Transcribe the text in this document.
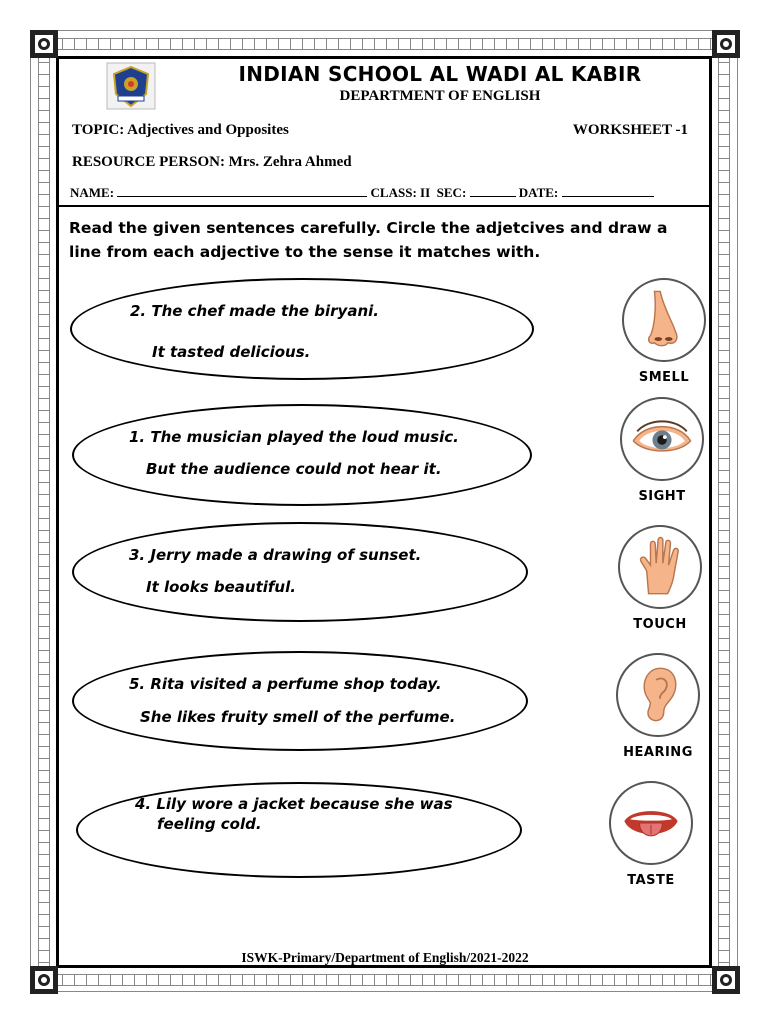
INDIAN SCHOOL AL WADI AL KABIR
DEPARTMENT OF ENGLISH
TOPIC: Adjectives and Opposites	WORKSHEET -1
RESOURCE PERSON: Mrs. Zehra Ahmed
NAME:	CLASS: II SEC:	DATE:
Read the given sentences carefully. Circle the adjetcives and draw a line from each adjective to the sense it matches with.
2. The chef made the biryani.
It tasted delicious.
1. The musician played the loud music.
But the audience could not hear it.
3. Jerry made a drawing of sunset.
It looks beautiful.
5. Rita visited a perfume shop today.
She likes fruity smell of the perfume.
4. Lily wore a jacket because she was
feeling cold.
SMELL
SIGHT
TOUCH
HEARING
TASTE
ISWK-Primary/Department of English/2021-2022
